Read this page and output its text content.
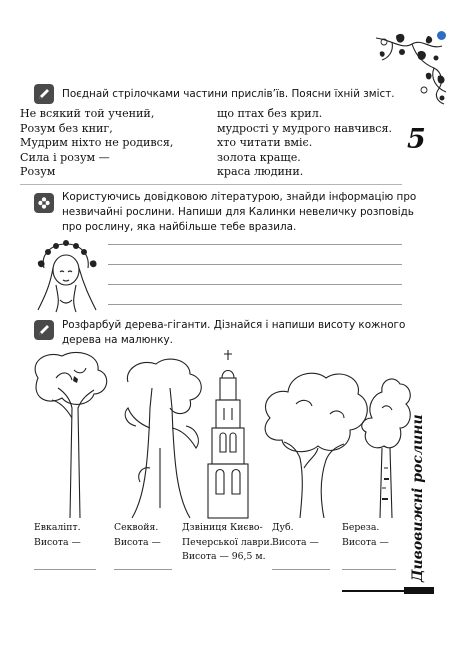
5
Поєднай стрілочками частини прислів’їв. Поясни їхній зміст.
Не всякий той учений,
Розум без книг,
Мудрим ніхто не родився,
Сила і розум —
Розум
що птах без крил.
мудрості у мудрого навчився.
хто читати вміє.
золота краще.
краса людини.
Користуючись довідковою літературою, знайди інформацію про
незвичайні рослини. Напиши для Калинки невеличку розповідь
про рослину, яка найбільше тебе вразила.
Розфарбуй дерева-гіганти. Дізнайся і напиши висоту кожного
дерева на малюнку.
Евкаліпт.
Висота —
Секвойя.
Висота —
Дзвіниця Києво-
Печерської лаври.
Висота — 96,5 м.
Дуб.
Висота —
Береза.
Висота — Дивовижні рослини
